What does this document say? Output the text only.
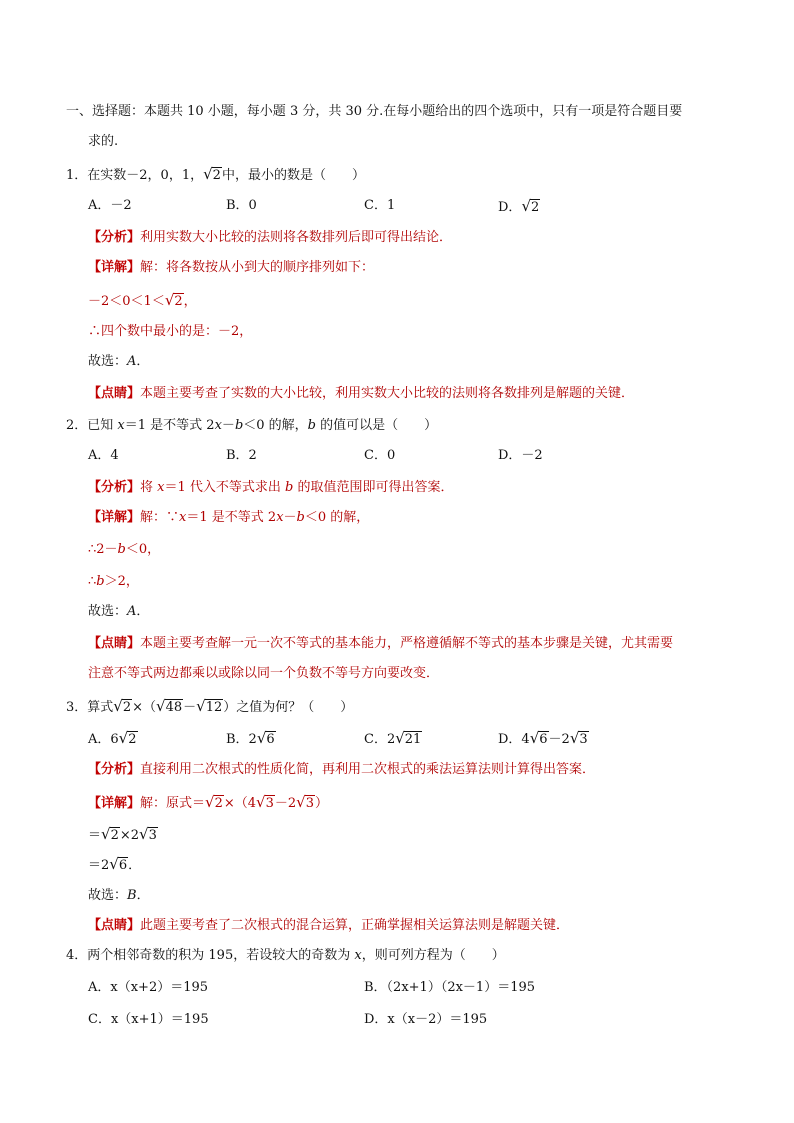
一、选择题：本题共 10 小题，每小题 3 分，共 30 分.在每小题给出的四个选项中，只有一项是符合题目要
求的.
1．在实数－2，0，1，√2中，最小的数是（　　）
A．－2	B．0	C．1	D．√2
【分析】利用实数大小比较的法则将各数排列后即可得出结论．
【详解】解：将各数按从小到大的顺序排列如下：
－2＜0＜1＜√2，
∴四个数中最小的是：－2，
故选：A．
【点睛】本题主要考查了实数的大小比较，利用实数大小比较的法则将各数排列是解题的关键．
2．已知 x＝1 是不等式 2x－b＜0 的解，b 的值可以是（　　）
A．4	B．2	C．0	D．－2
【分析】将 x＝1 代入不等式求出 b 的取值范围即可得出答案．
【详解】解：∵x＝1 是不等式 2x－b＜0 的解，
∴2－b＜0，
∴b＞2，
故选：A．
【点睛】本题主要考查解一元一次不等式的基本能力，严格遵循解不等式的基本步骤是关键，尤其需要
注意不等式两边都乘以或除以同一个负数不等号方向要改变．
3．算式√2×（√48－√12）之值为何？（　　）
A．6√2	B．2√6	C．2√21	D．4√6－2√3
【分析】直接利用二次根式的性质化简，再利用二次根式的乘法运算法则计算得出答案．
【详解】解：原式＝√2×（4√3－2√3）
＝√2×2√3
＝2√6．
故选：B．
【点睛】此题主要考查了二次根式的混合运算，正确掌握相关运算法则是解题关键．
4．两个相邻奇数的积为 195，若设较大的奇数为 x，则可列方程为（　　）
A．x（x+2）＝195	B．（2x+1）（2x－1）＝195
C．x（x+1）＝195	D．x（x－2）＝195
